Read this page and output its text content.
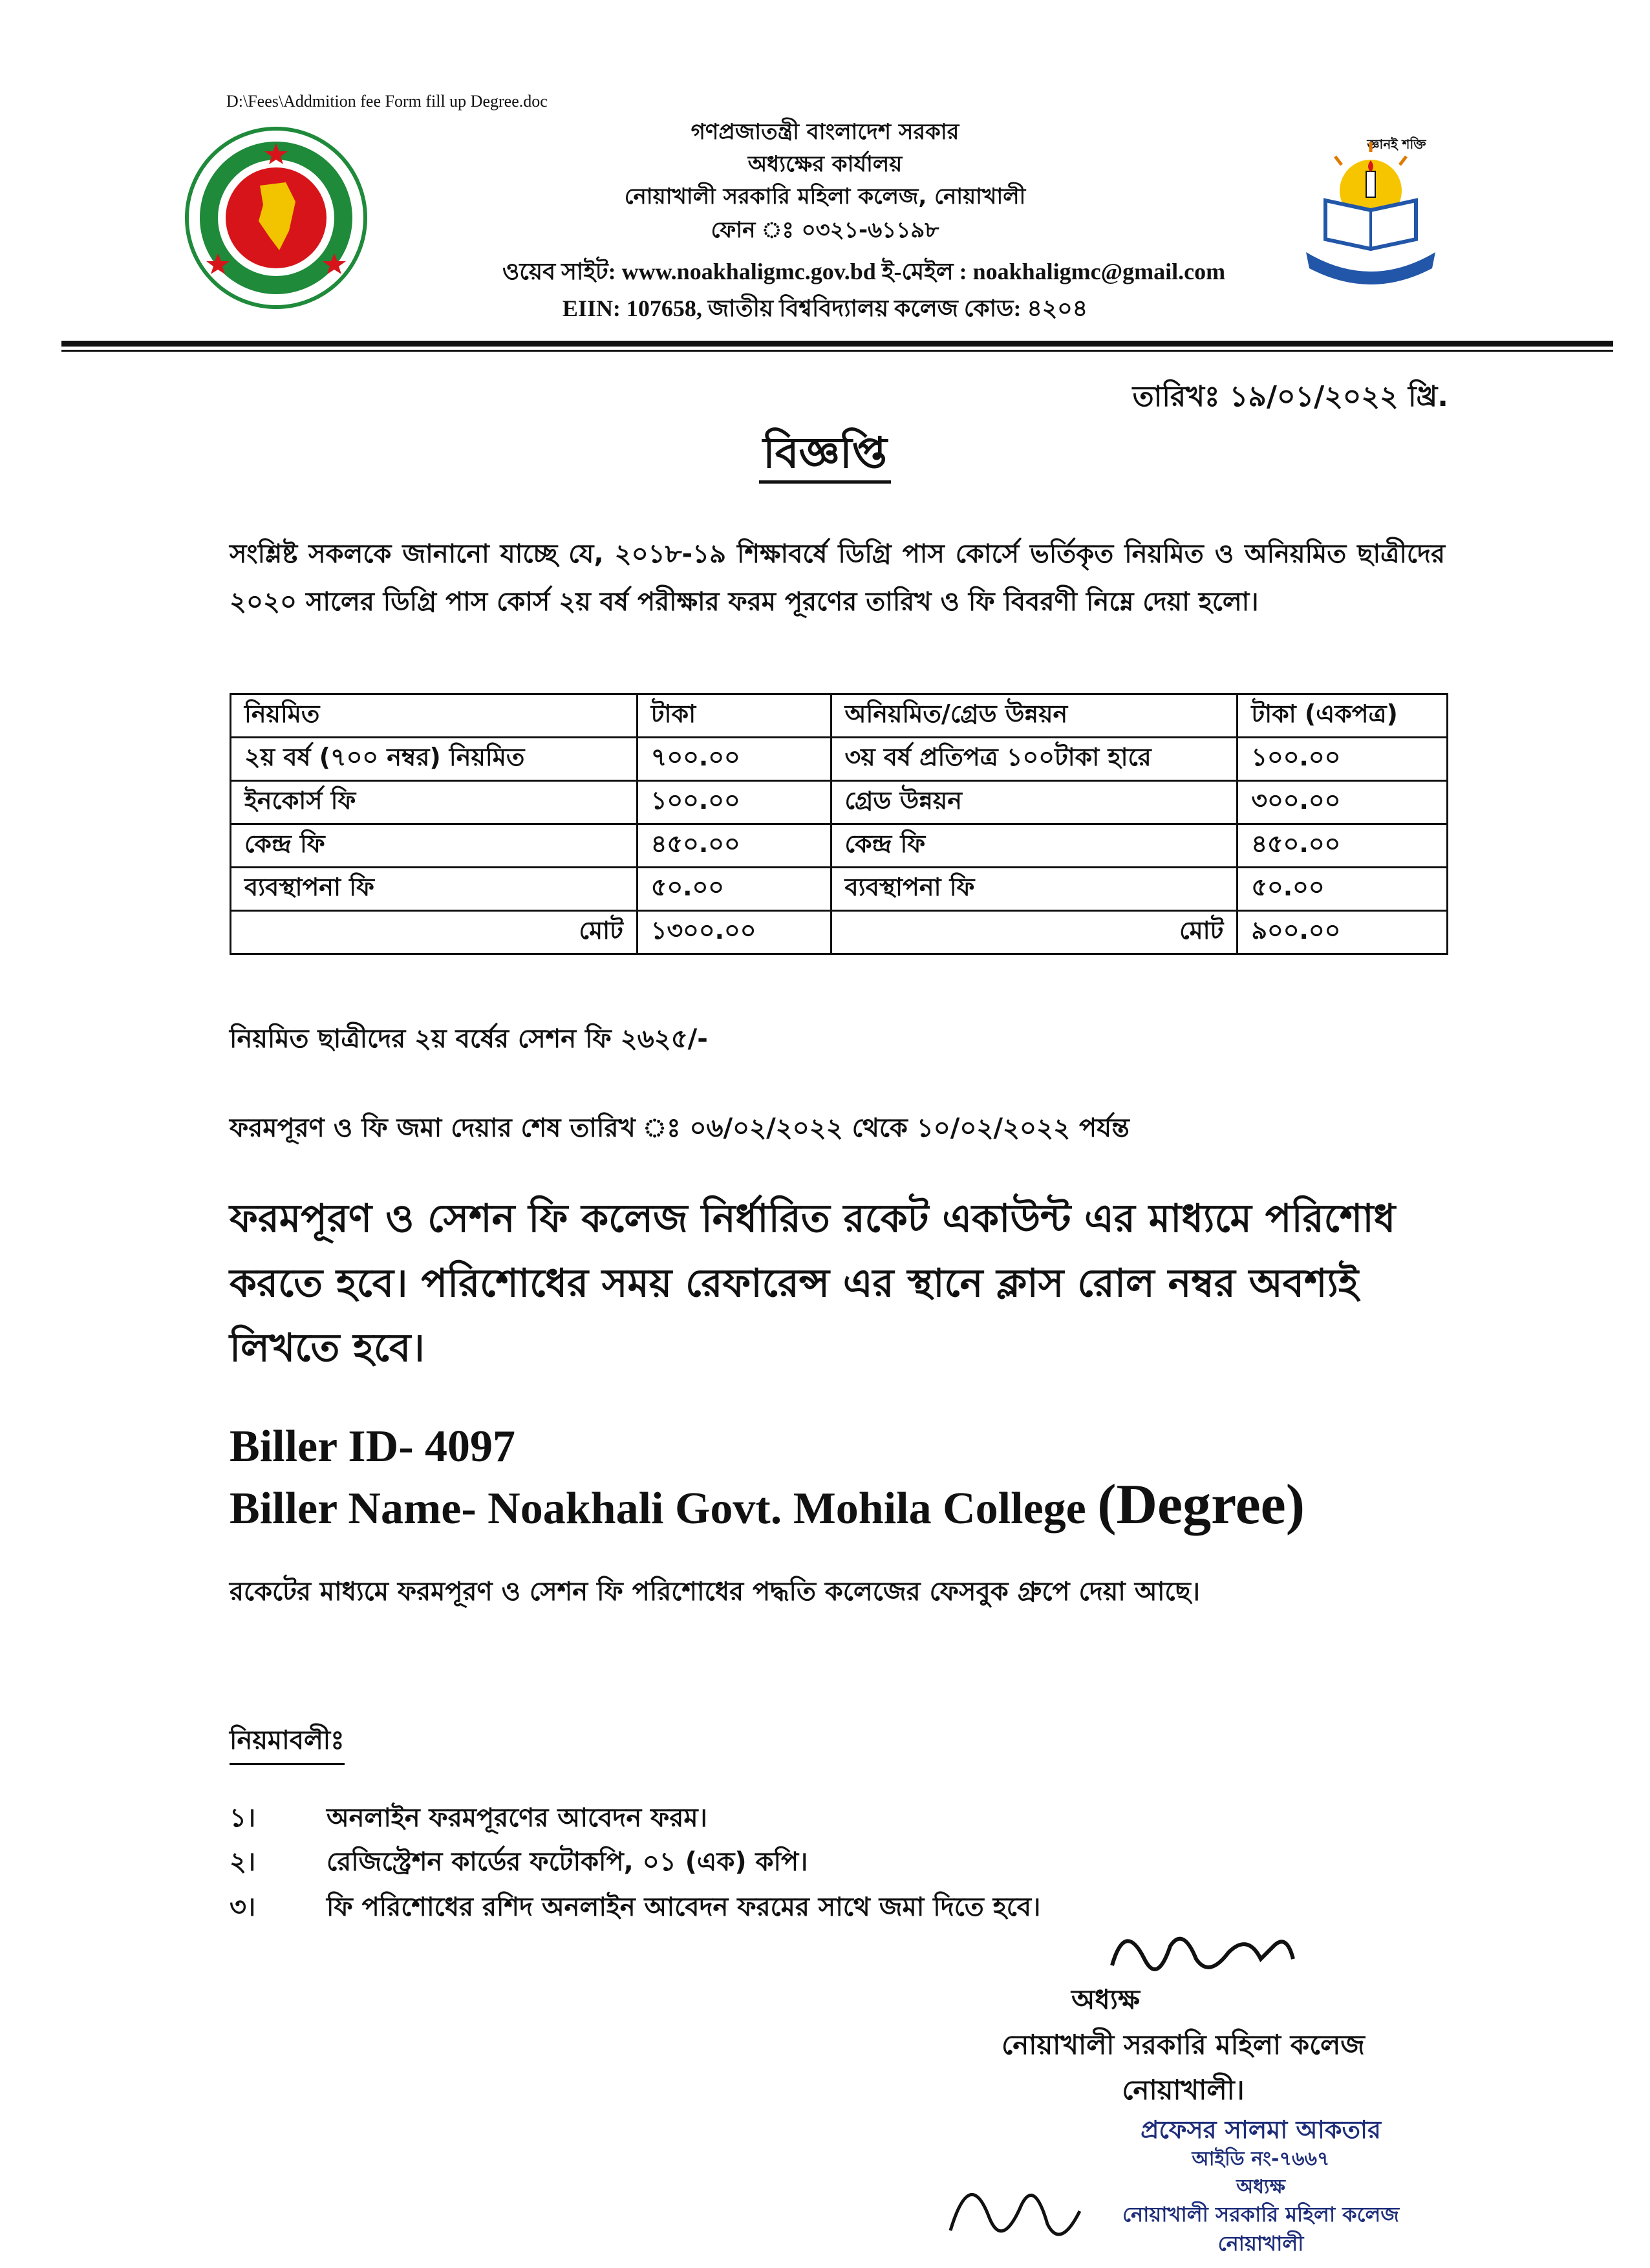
D:\Fees\Addmition fee Form fill up Degree.doc
গণপ্রজাতন্ত্রী বাংলাদেশ সরকার
অধ্যক্ষের কার্যালয়
নোয়াখালী সরকারি মহিলা কলেজ, নোয়াখালী
ফোন ঃ ০৩২১-৬১১৯৮
ওয়েব সাইট: www.noakhaligmc.gov.bd ই-মেইল : noakhaligmc@gmail.com
EIIN: 107658, জাতীয় বিশ্ববিদ্যালয় কলেজ কোড: ৪২০৪
জ্ঞানই শক্তি
তারিখঃ ১৯/০১/২০২২ খ্রি.
বিজ্ঞপ্তি
সংশ্লিষ্ট সকলকে জানানো যাচ্ছে যে, ২০১৮-১৯ শিক্ষাবর্ষে ডিগ্রি পাস কোর্সে ভর্তিকৃত নিয়মিত ও অনিয়মিত ছাত্রীদের ২০২০ সালের ডিগ্রি পাস কোর্স ২য় বর্ষ পরীক্ষার ফরম পূরণের তারিখ ও ফি বিবরণী নিম্নে দেয়া হলো।
নিয়মিত	টাকা	অনিয়মিত/গ্রেড উন্নয়ন	টাকা (একপত্র)
২য় বর্ষ (৭০০ নম্বর) নিয়মিত	৭০০.০০	৩য় বর্ষ প্রতিপত্র ১০০টাকা হারে	১০০.০০
ইনকোর্স ফি	১০০.০০	গ্রেড উন্নয়ন	৩০০.০০
কেন্দ্র ফি	৪৫০.০০	কেন্দ্র ফি	৪৫০.০০
ব্যবস্থাপনা ফি	৫০.০০	ব্যবস্থাপনা ফি	৫০.০০
মোট	১৩০০.০০	মোট	৯০০.০০
নিয়মিত ছাত্রীদের ২য় বর্ষের সেশন ফি ২৬২৫/-
ফরমপূরণ ও ফি জমা দেয়ার শেষ তারিখ ঃ ০৬/০২/২০২২ থেকে ১০/০২/২০২২ পর্যন্ত
ফরমপূরণ ও সেশন ফি কলেজ নির্ধারিত রকেট একাউন্ট এর মাধ্যমে পরিশোধ করতে হবে। পরিশোধের সময় রেফারেন্স এর স্থানে ক্লাস রোল নম্বর অবশ্যই লিখতে হবে।
Biller ID- 4097
Biller Name- Noakhali Govt. Mohila College (Degree)
রকেটের মাধ্যমে ফরমপূরণ ও সেশন ফি পরিশোধের পদ্ধতি কলেজের ফেসবুক গ্রুপে দেয়া আছে।
নিয়মাবলীঃ
১।	অনলাইন ফরমপূরণের আবেদন ফরম।
২।	রেজিস্ট্রেশন কার্ডের ফটোকপি, ০১ (এক) কপি।
৩।	ফি পরিশোধের রশিদ অনলাইন আবেদন ফরমের সাথে জমা দিতে হবে।
অধ্যক্ষ
নোয়াখালী সরকারি মহিলা কলেজ
নোয়াখালী।
প্রফেসর সালমা আকতার
আইডি নং-৭৬৬৭
অধ্যক্ষ
নোয়াখালী সরকারি মহিলা কলেজ
নোয়াখালী
